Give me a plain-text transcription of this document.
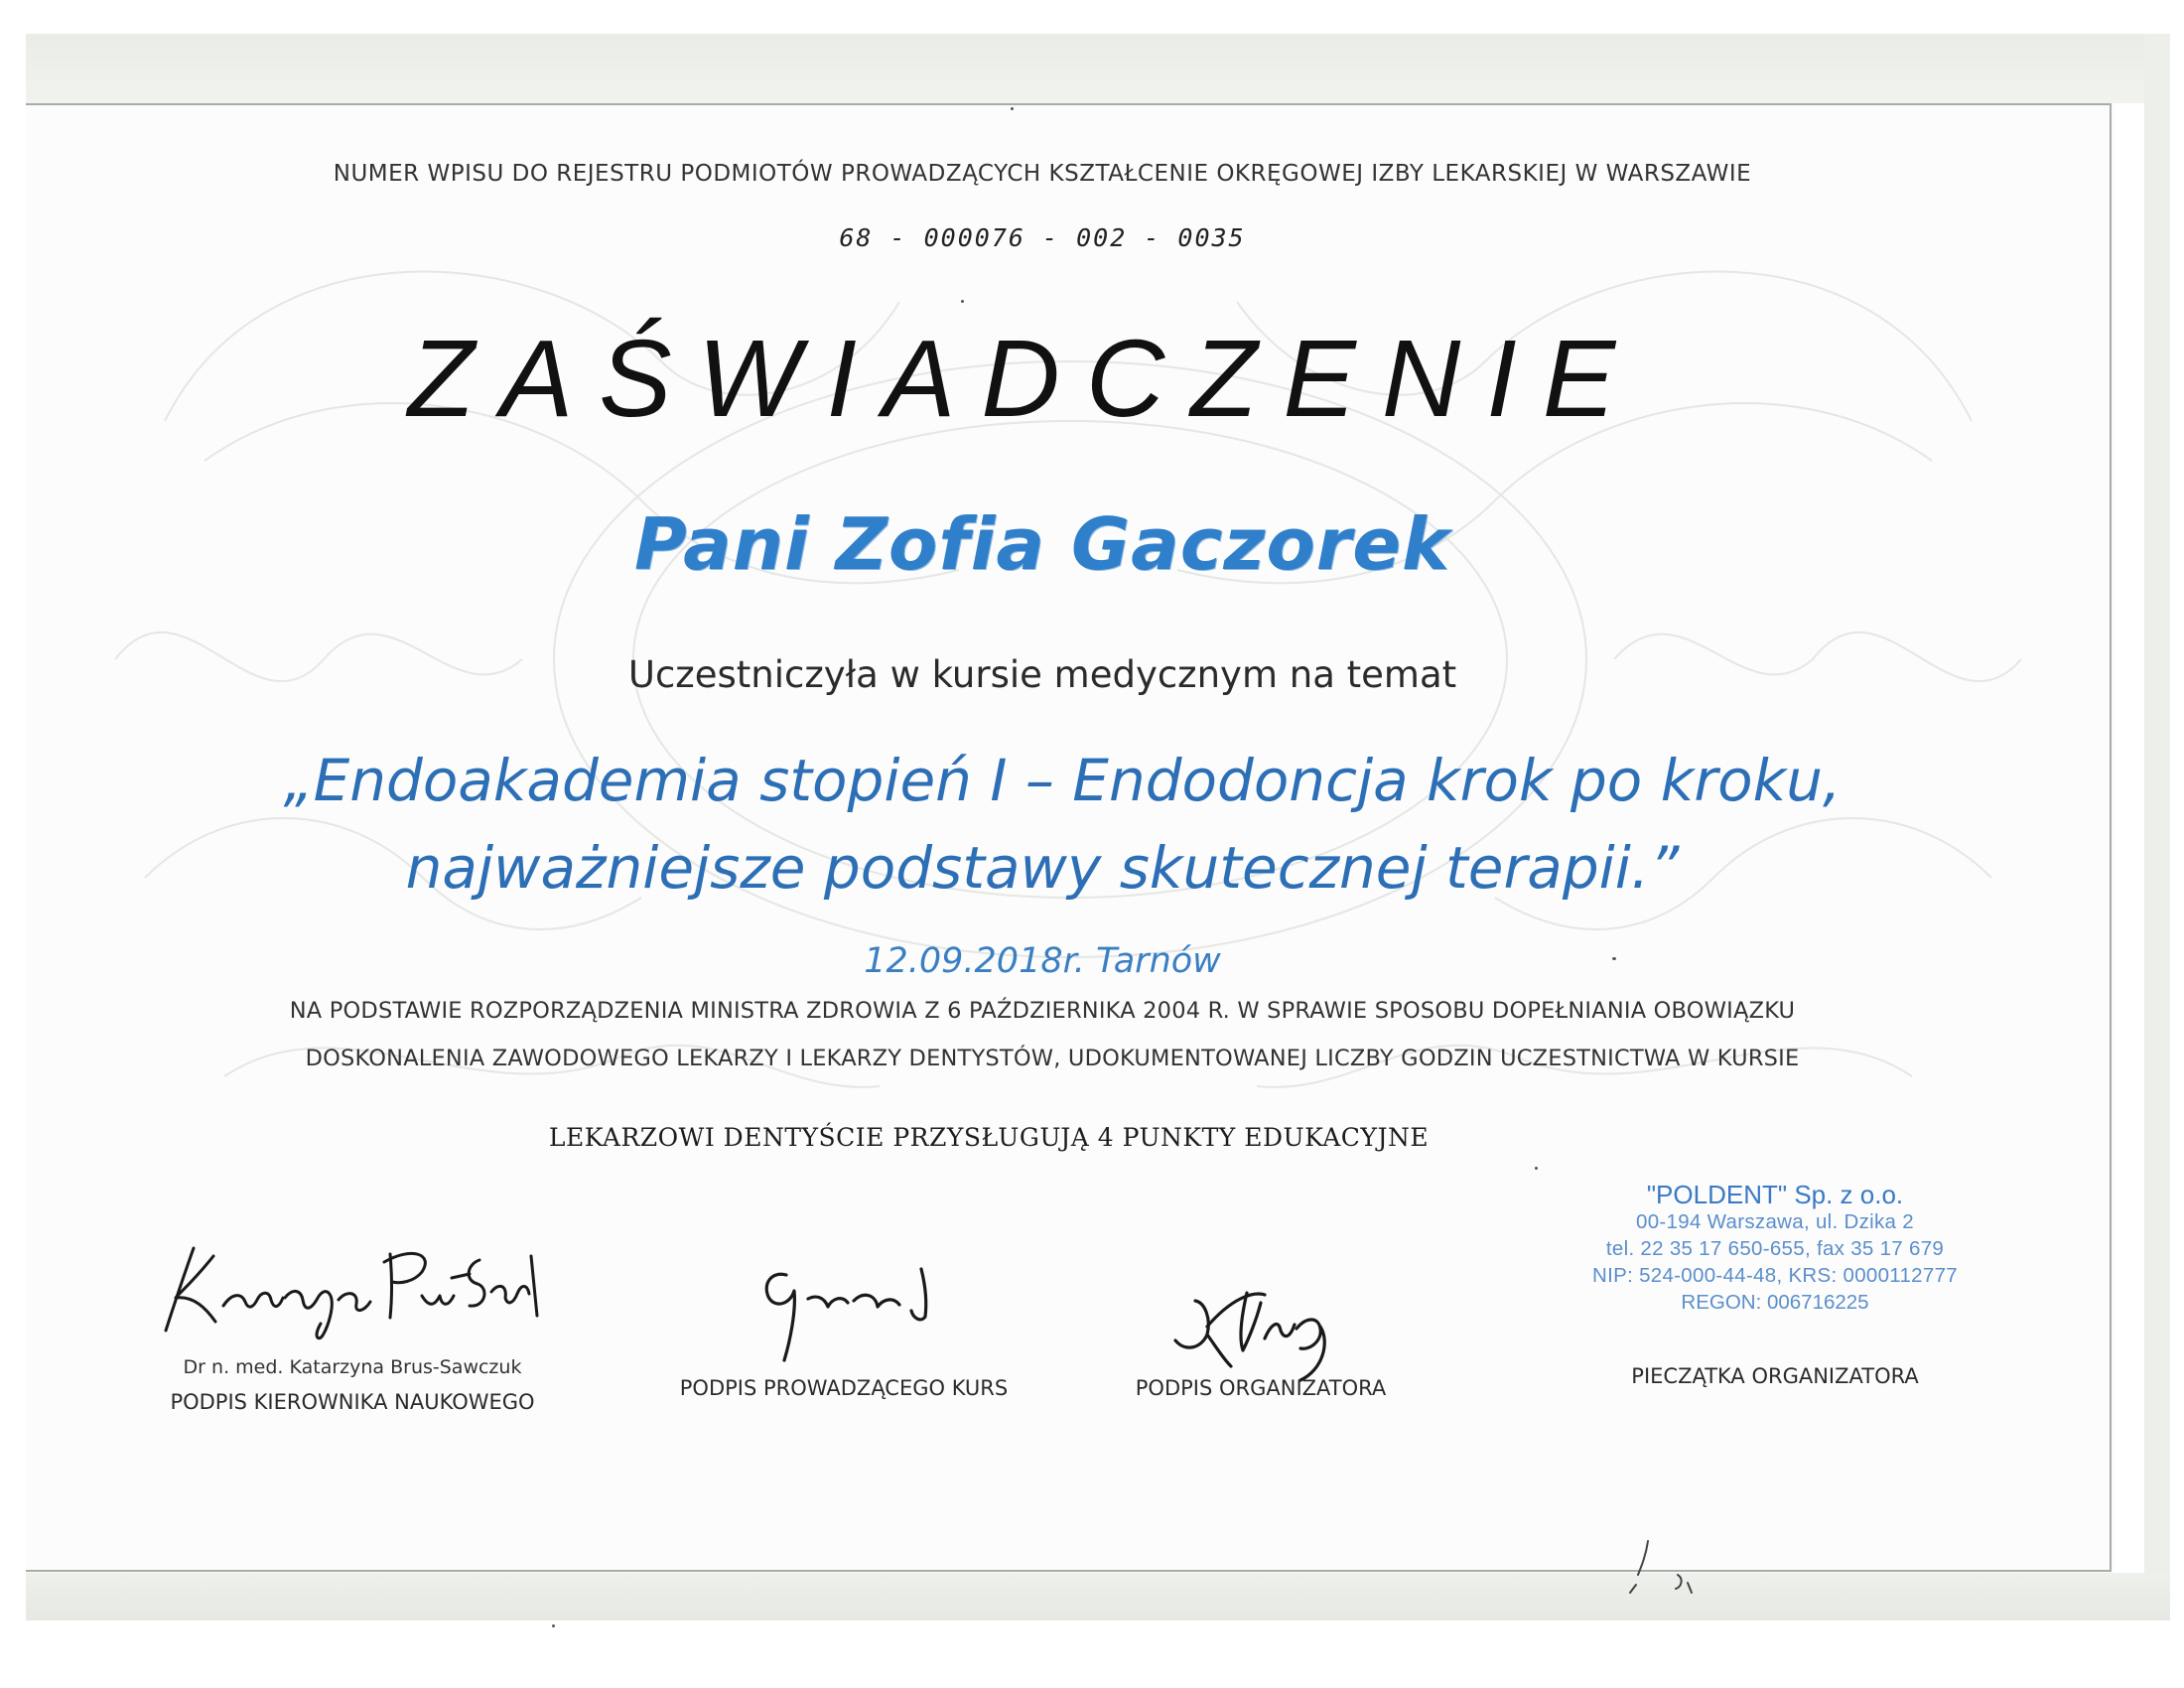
NUMER WPISU DO REJESTRU PODMIOTÓW PROWADZĄCYCH KSZTAŁCENIE OKRĘGOWEJ IZBY LEKARSKIEJ W WARSZAWIE
68 - 000076 - 002 - 0035
ZAŚWIADCZENIE
Pani Zofia Gaczorek
Uczestniczyła w kursie medycznym na temat
„Endoakademia stopień I – Endodoncja krok po kroku,
najważniejsze podstawy skutecznej terapii.”
12.09.2018r. Tarnów
NA PODSTAWIE ROZPORZĄDZENIA MINISTRA ZDROWIA Z 6 PAŹDZIERNIKA 2004 R. W SPRAWIE SPOSOBU DOPEŁNIANIA OBOWIĄZKU
DOSKONALENIA ZAWODOWEGO LEKARZY I LEKARZY DENTYSTÓW, UDOKUMENTOWANEJ LICZBY GODZIN UCZESTNICTWA W KURSIE
LEKARZOWI DENTYŚCIE PRZYSŁUGUJĄ 4 PUNKTY EDUKACYJNE
Dr n. med. Katarzyna Brus-Sawczuk
PODPIS KIEROWNIKA NAUKOWEGO
PODPIS PROWADZĄCEGO KURS	PODPIS ORGANIZATORA
"POLDENT" Sp. z o.o.
00-194 Warszawa, ul. Dzika 2
tel. 22 35 17 650-655, fax 35 17 679
NIP: 524-000-44-48, KRS: 0000112777
REGON: 006716225
PIECZĄTKA ORGANIZATORA
